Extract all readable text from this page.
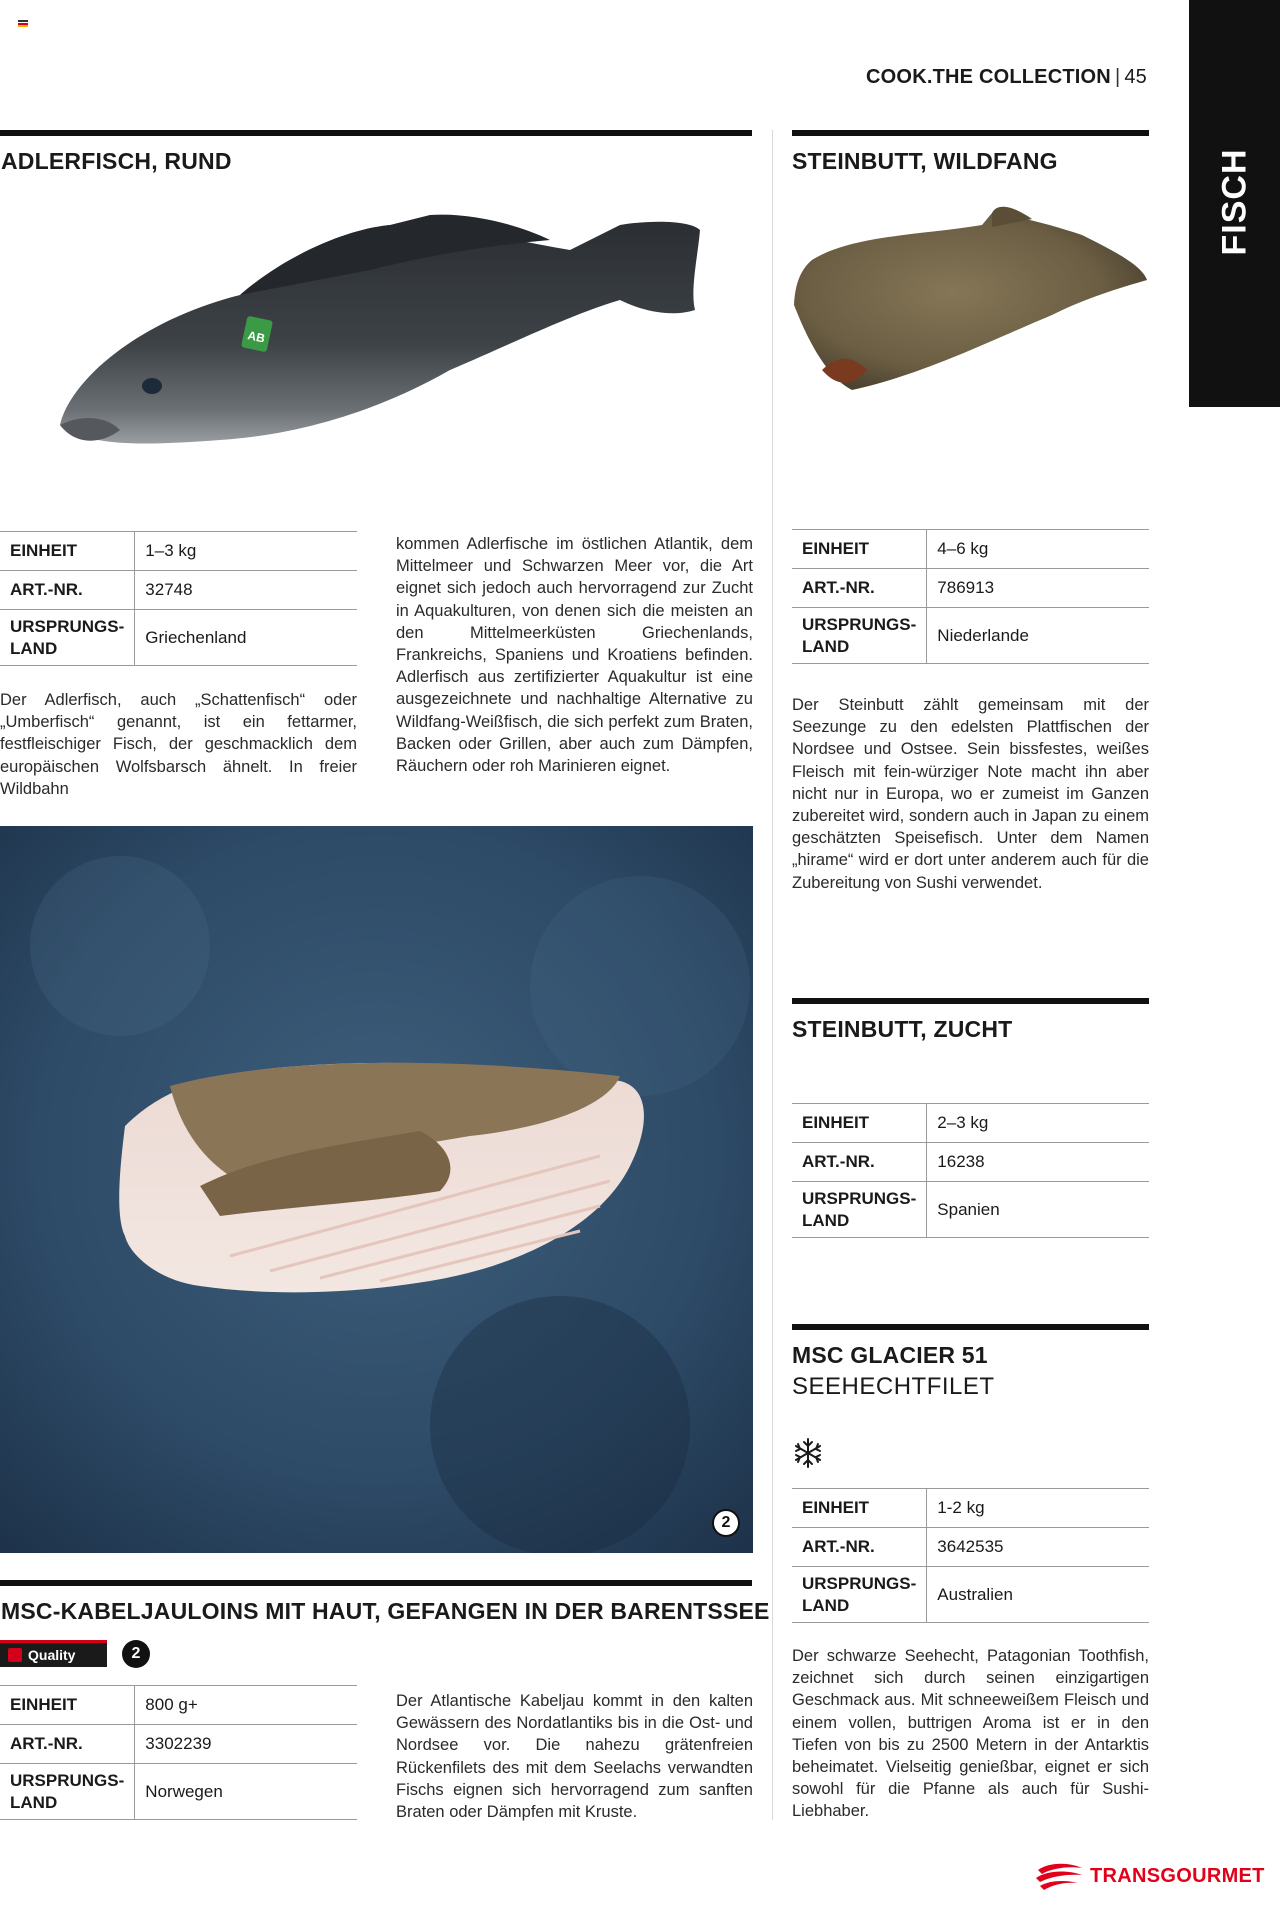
COOK.THE COLLECTION | 45
FISCH
ADLERFISCH, RUND
AB
EINHEIT	1–3 kg
ART.-NR.	32748
URSPRUNGS-
LAND	Griechenland
Der Adlerfisch, auch „Schattenfisch“ oder „Umberfisch“ genannt, ist ein fettarmer, festfleischiger Fisch, der geschmacklich dem europäischen Wolfsbarsch ähnelt. In freier Wildbahn
kommen Adlerfische im östlichen Atlantik, dem Mittelmeer und Schwarzen Meer vor, die Art eignet sich jedoch auch hervorragend zur Zucht in Aquakulturen, von denen sich die meisten an den Mittelmeerküsten Griechenlands, Frankreichs, Spaniens und Kroatiens befinden. Adlerfisch aus zertifizierter Aquakultur ist eine ausgezeichnete und nachhaltige Alternative zu Wildfang-Weißfisch, die sich perfekt zum Braten, Backen oder Grillen, aber auch zum Dämpfen, Räuchern oder roh Marinieren eignet.
STEINBUTT, WILDFANG
EINHEIT	4–6 kg
ART.-NR.	786913
URSPRUNGS-
LAND	Niederlande
Der Steinbutt zählt gemeinsam mit der Seezunge zu den edelsten Plattfischen der Nordsee und Ostsee. Sein bissfestes, weißes Fleisch mit fein-würziger Note macht ihn aber nicht nur in Europa, wo er zumeist im Ganzen zubereitet wird, sondern auch in Japan zu einem geschätzten Speisefisch. Unter dem Namen „hirame“ wird er dort unter anderem auch für die Zubereitung von Sushi verwendet.
2
STEINBUTT, ZUCHT
EINHEIT	2–3 kg
ART.-NR.	16238
URSPRUNGS-
LAND	Spanien
MSC GLACIER 51
SEEHECHTFILET
EINHEIT	1-2 kg
ART.-NR.	3642535
URSPRUNGS-
LAND	Australien
Der schwarze Seehecht, Patagonian Toothfish, zeichnet sich durch seinen einzigartigen Geschmack aus. Mit schneeweißem Fleisch und einem vollen, buttrigen Aroma ist er in den Tiefen von bis zu 2500 Metern in der Antarktis beheimatet. Vielseitig genießbar, eignet er sich sowohl für die Pfanne als auch für Sushi-Liebhaber.
MSC-KABELJAULOINS MIT HAUT, GEFANGEN IN DER BARENTSSEE
Quality	2
EINHEIT	800 g+
ART.-NR.	3302239
URSPRUNGS-
LAND	Norwegen
Der Atlantische Kabeljau kommt in den kalten Gewässern des Nordatlantiks bis in die Ost- und Nordsee vor. Die nahezu grätenfreien Rückenfilets des mit dem Seelachs verwandten Fischs eignen sich hervorragend zum sanften Braten oder Dämpfen mit Kruste.
TRANSGOURMET
